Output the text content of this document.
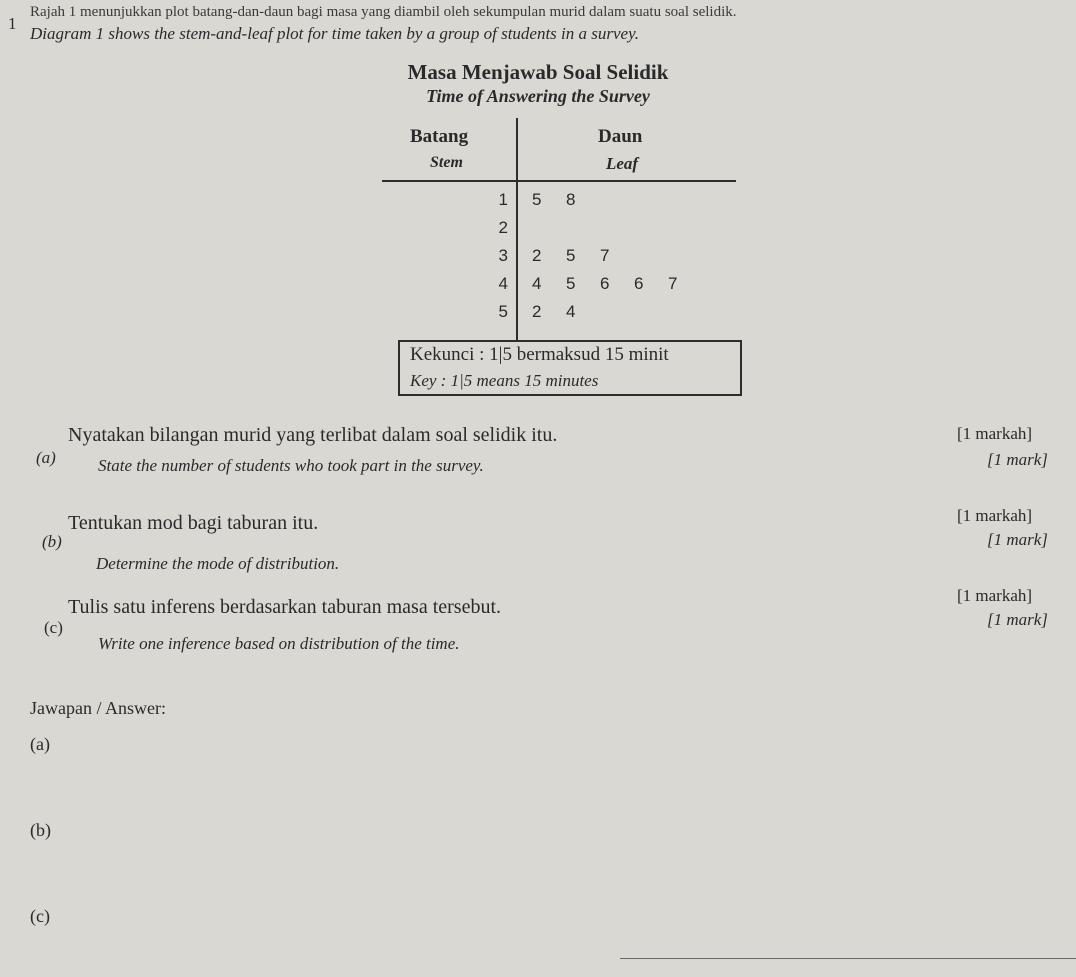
1
Rajah 1 menunjukkan plot batang-dan-daun bagi masa yang diambil oleh sekumpulan murid dalam suatu soal selidik.
Diagram 1 shows the stem-and-leaf plot for time taken by a group of students in a survey.
Masa Menjawab Soal Selidik
Time of Answering the Survey
Batang
Stem
Daun
Leaf
1 5 8
2
3 2 5 7
4 4 5 6 6 7
5 2 4
Kekunci : 1|5 bermaksud 15 minit
Key : 1|5 means 15 minutes
(a)
Nyatakan bilangan murid yang terlibat dalam soal selidik itu.
State the number of students who took part in the survey.
[1 markah]
[1 mark]
(b)
Tentukan mod bagi taburan itu.
Determine the mode of distribution.
[1 markah]
[1 mark]
(c)
Tulis satu inferens berdasarkan taburan masa tersebut.
Write one inference based on distribution of the time.
[1 markah]
[1 mark]
Jawapan / Answer:
(a)
(b)
(c)
